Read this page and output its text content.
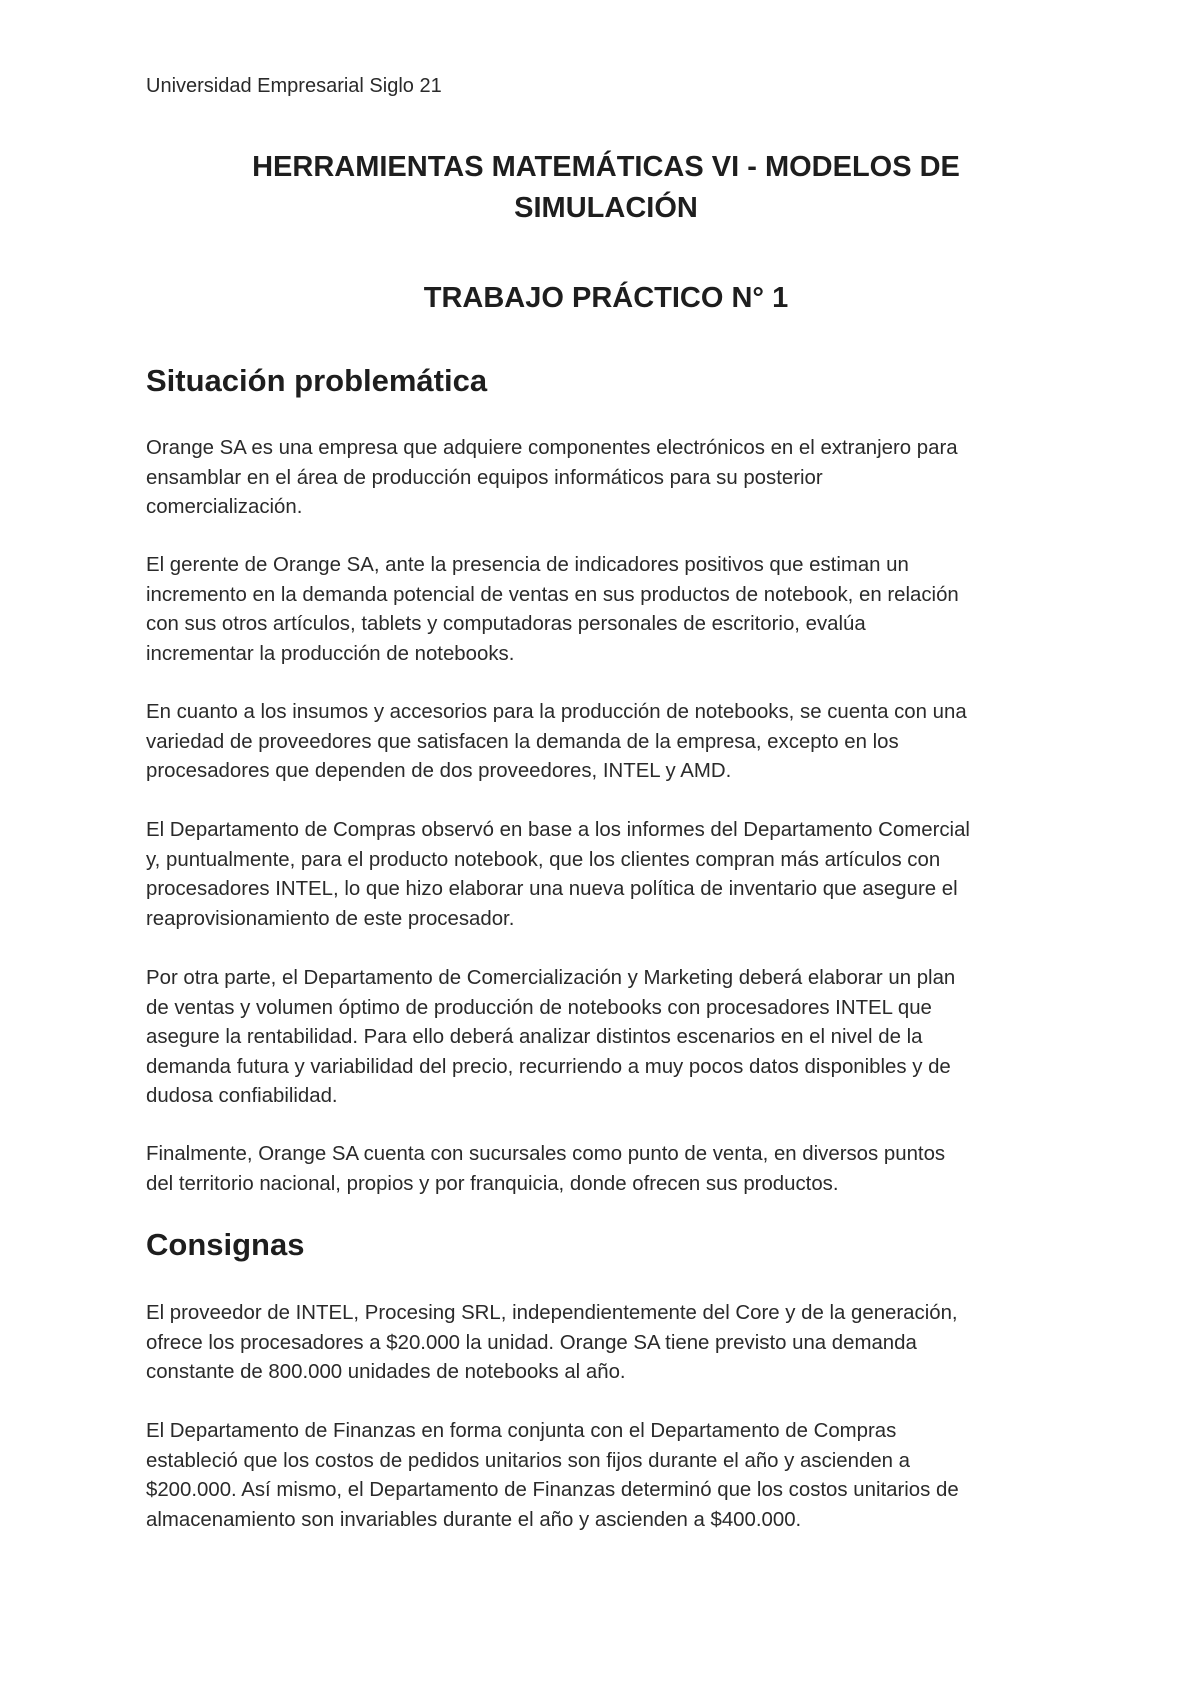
Universidad Empresarial Siglo 21
HERRAMIENTAS MATEMÁTICAS VI - MODELOS DE
SIMULACIÓN
TRABAJO PRÁCTICO N° 1
Situación problemática

Orange SA es una empresa que adquiere componentes electrónicos en el extranjero para
ensamblar en el área de producción equipos informáticos para su posterior
comercialización.

El gerente de Orange SA, ante la presencia de indicadores positivos que estiman un
incremento en la demanda potencial de ventas en sus productos de notebook, en relación
con sus otros artículos, tablets y computadoras personales de escritorio, evalúa
incrementar la producción de notebooks.

En cuanto a los insumos y accesorios para la producción de notebooks, se cuenta con una
variedad de proveedores que satisfacen la demanda de la empresa, excepto en los
procesadores que dependen de dos proveedores, INTEL y AMD.

El Departamento de Compras observó en base a los informes del Departamento Comercial
y, puntualmente, para el producto notebook, que los clientes compran más artículos con
procesadores INTEL, lo que hizo elaborar una nueva política de inventario que asegure el
reaprovisionamiento de este procesador.

Por otra parte, el Departamento de Comercialización y Marketing deberá elaborar un plan
de ventas y volumen óptimo de producción de notebooks con procesadores INTEL que
asegure la rentabilidad. Para ello deberá analizar distintos escenarios en el nivel de la
demanda futura y variabilidad del precio, recurriendo a muy pocos datos disponibles y de
dudosa confiabilidad.

Finalmente, Orange SA cuenta con sucursales como punto de venta, en diversos puntos
del territorio nacional, propios y por franquicia, donde ofrecen sus productos.

Consignas

El proveedor de INTEL, Procesing SRL, independientemente del Core y de la generación,
ofrece los procesadores a $20.000 la unidad. Orange SA tiene previsto una demanda
constante de 800.000 unidades de notebooks al año.

El Departamento de Finanzas en forma conjunta con el Departamento de Compras
estableció que los costos de pedidos unitarios son fijos durante el año y ascienden a
$200.000. Así mismo, el Departamento de Finanzas determinó que los costos unitarios de
almacenamiento son invariables durante el año y ascienden a $400.000.
